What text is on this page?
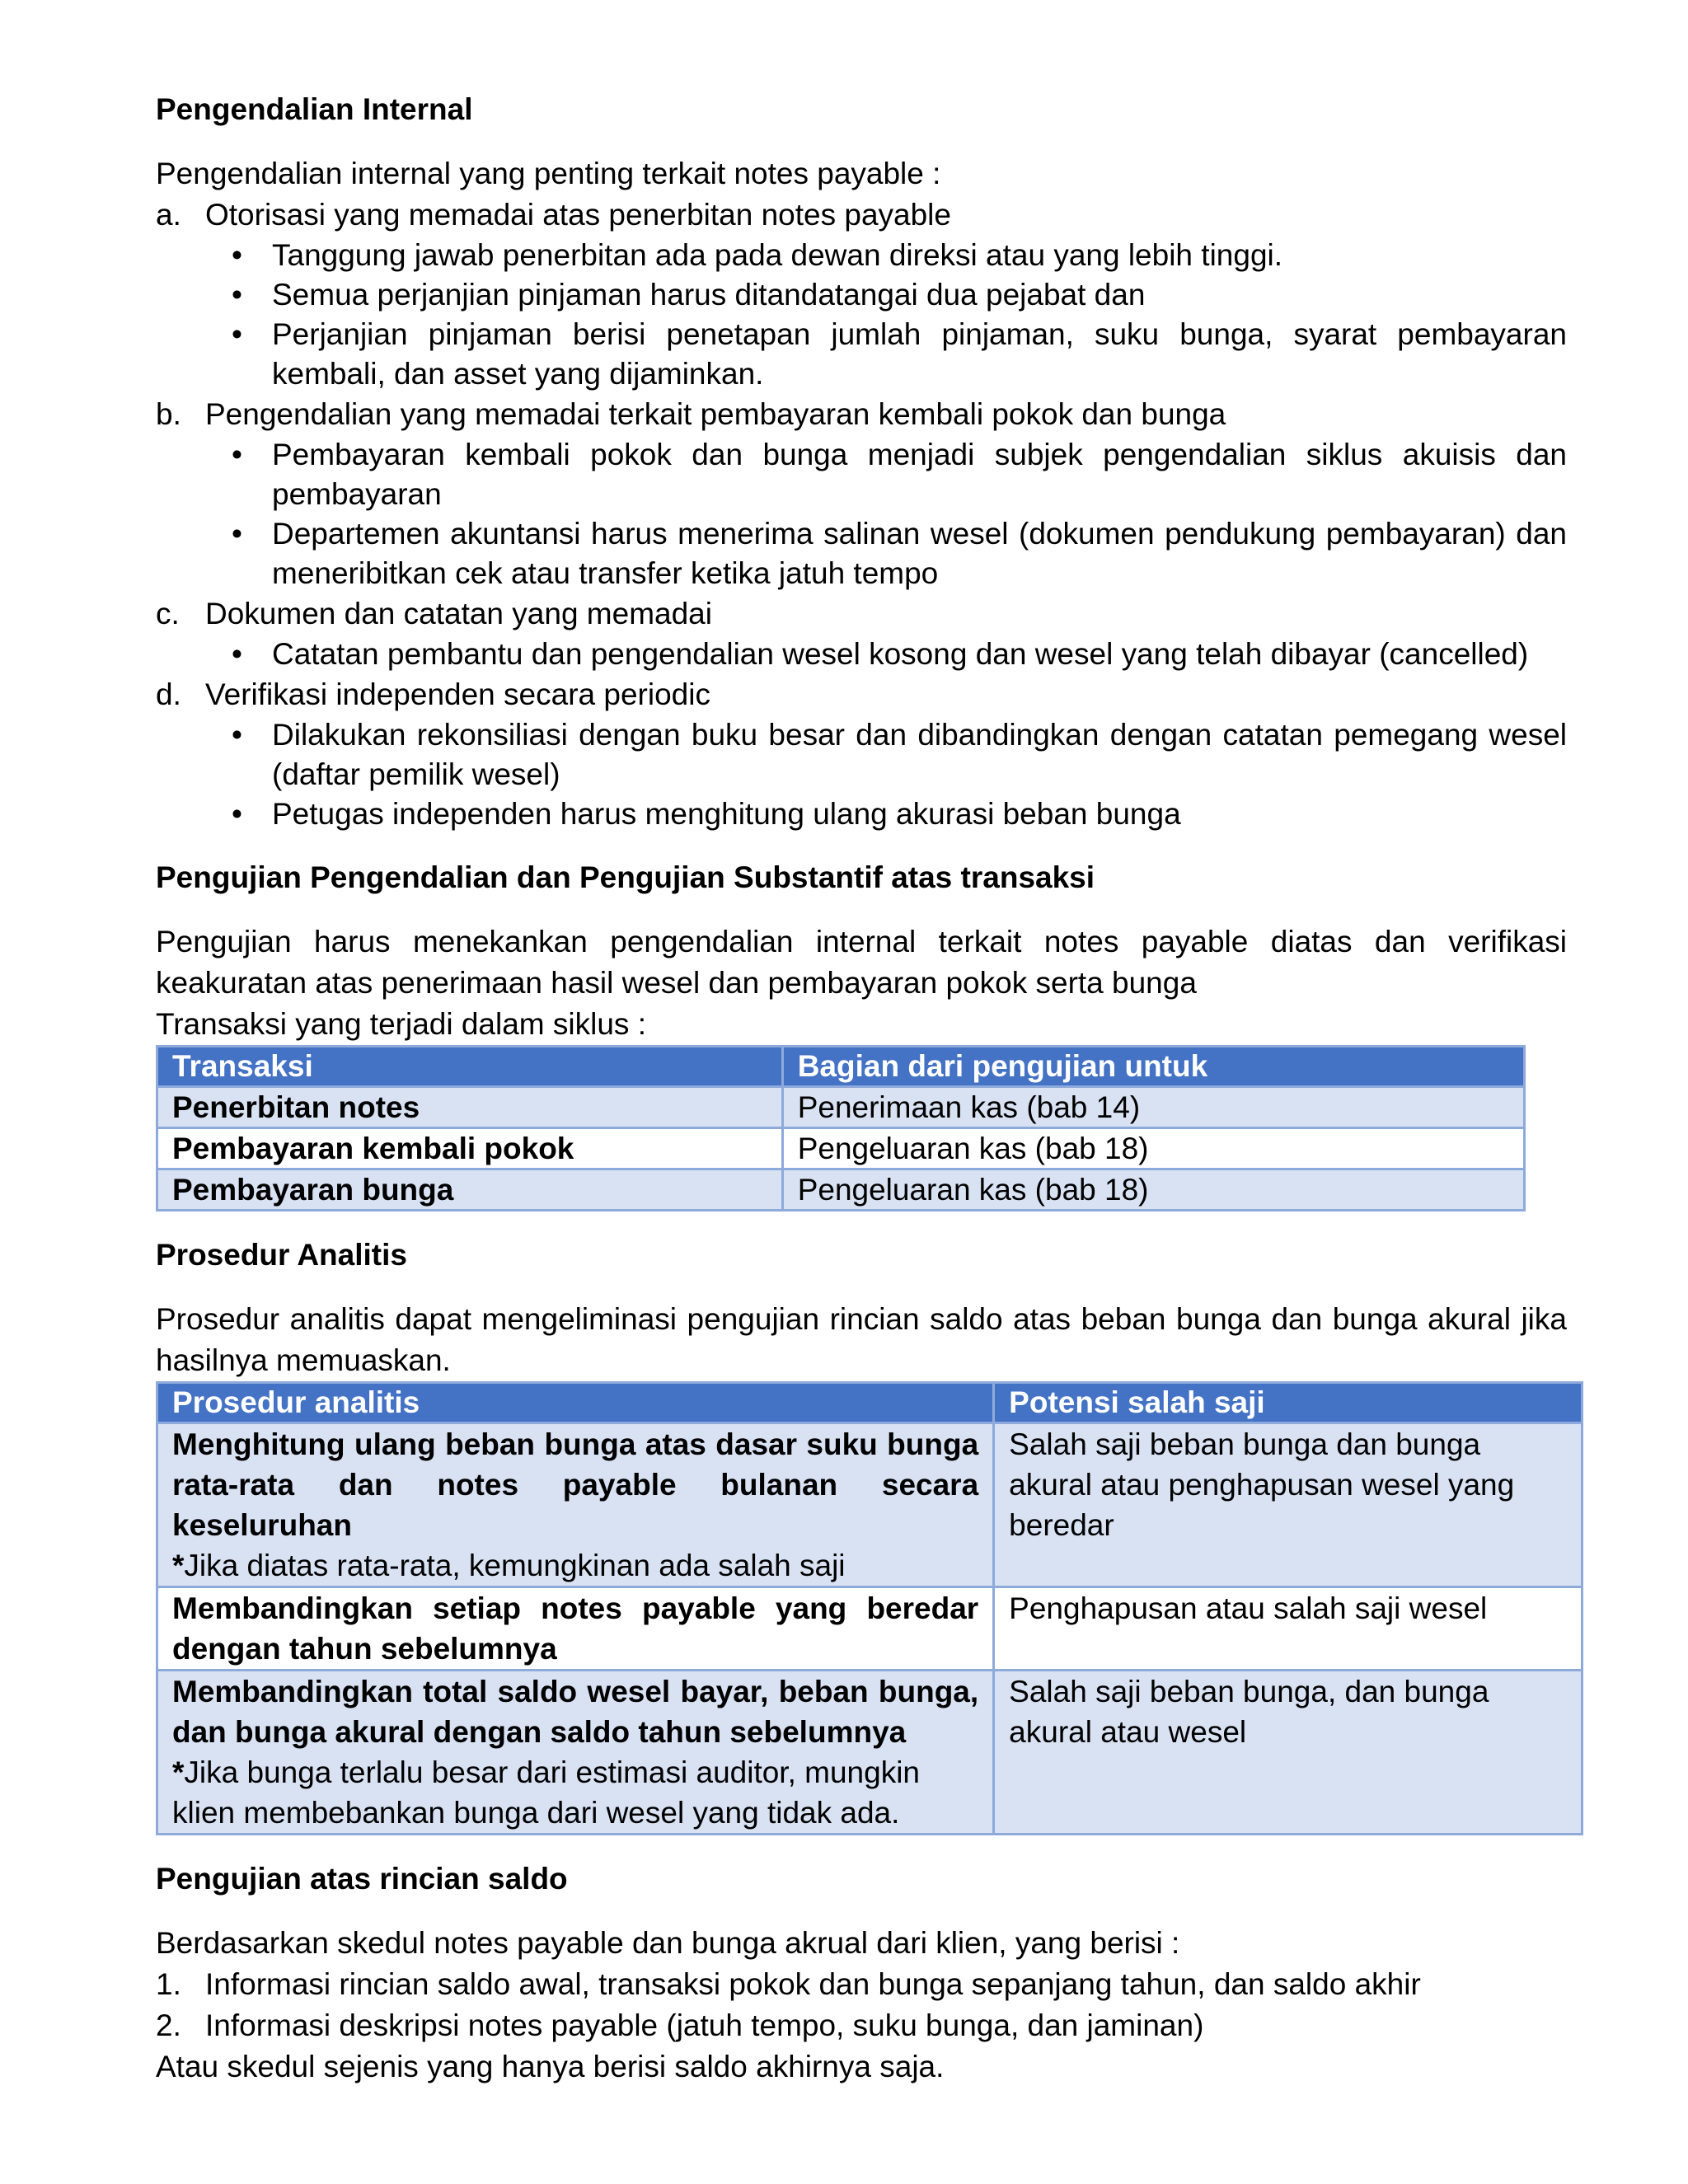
Pengendalian Internal

Pengendalian internal yang penting terkait notes payable :

a. Otorisasi yang memadai atas penerbitan notes payable
• Tanggung jawab penerbitan ada pada dewan direksi atau yang lebih tinggi.
• Semua perjanjian pinjaman harus ditandatangai dua pejabat dan
• Perjanjian pinjaman berisi penetapan jumlah pinjaman, suku bunga, syarat pembayaran kembali, dan asset yang dijaminkan.
b. Pengendalian yang memadai terkait pembayaran kembali pokok dan bunga
• Pembayaran kembali pokok dan bunga menjadi subjek pengendalian siklus akuisis dan pembayaran
• Departemen akuntansi harus menerima salinan wesel (dokumen pendukung pembayaran) dan meneribitkan cek atau transfer ketika jatuh tempo
c. Dokumen dan catatan yang memadai
• Catatan pembantu dan pengendalian wesel kosong dan wesel yang telah dibayar (cancelled)
d. Verifikasi independen secara periodic
• Dilakukan rekonsiliasi dengan buku besar dan dibandingkan dengan catatan pemegang wesel (daftar pemilik wesel)
• Petugas independen harus menghitung ulang akurasi beban bunga
Pengujian Pengendalian dan Pengujian Substantif atas transaksi

Pengujian harus menekankan pengendalian internal terkait notes payable diatas dan verifikasi keakuratan atas penerimaan hasil wesel dan pembayaran pokok serta bunga

Transaksi yang terjadi dalam siklus :

Transaksi	Bagian dari pengujian untuk
Penerbitan notes	Penerimaan kas (bab 14)
Pembayaran kembali pokok	Pengeluaran kas (bab 18)
Pembayaran bunga	Pengeluaran kas (bab 18)
Prosedur Analitis

Prosedur analitis dapat mengeliminasi pengujian rincian saldo atas beban bunga dan bunga akural jika hasilnya memuaskan.

Prosedur analitis	Potensi salah saji

Menghitung ulang beban bunga atas dasar suku bunga rata-rata dan notes payable bulanan secara keseluruhan
*Jika diatas rata-rata, kemungkinan ada salah saji	Salah saji beban bunga dan bunga akural atau penghapusan wesel yang beredar

Membandingkan setiap notes payable yang beredar dengan tahun sebelumnya	Penghapusan atau salah saji wesel

Membandingkan total saldo wesel bayar, beban bunga, dan bunga akural dengan saldo tahun sebelumnya
*Jika bunga terlalu besar dari estimasi auditor, mungkin klien membebankan bunga dari wesel yang tidak ada.	Salah saji beban bunga, dan bunga akural atau wesel
Pengujian atas rincian saldo

Berdasarkan skedul notes payable dan bunga akrual dari klien, yang berisi :

1. Informasi rincian saldo awal, transaksi pokok dan bunga sepanjang tahun, dan saldo akhir
2. Informasi deskripsi notes payable (jatuh tempo, suku bunga, dan jaminan)

Atau skedul sejenis yang hanya berisi saldo akhirnya saja.
